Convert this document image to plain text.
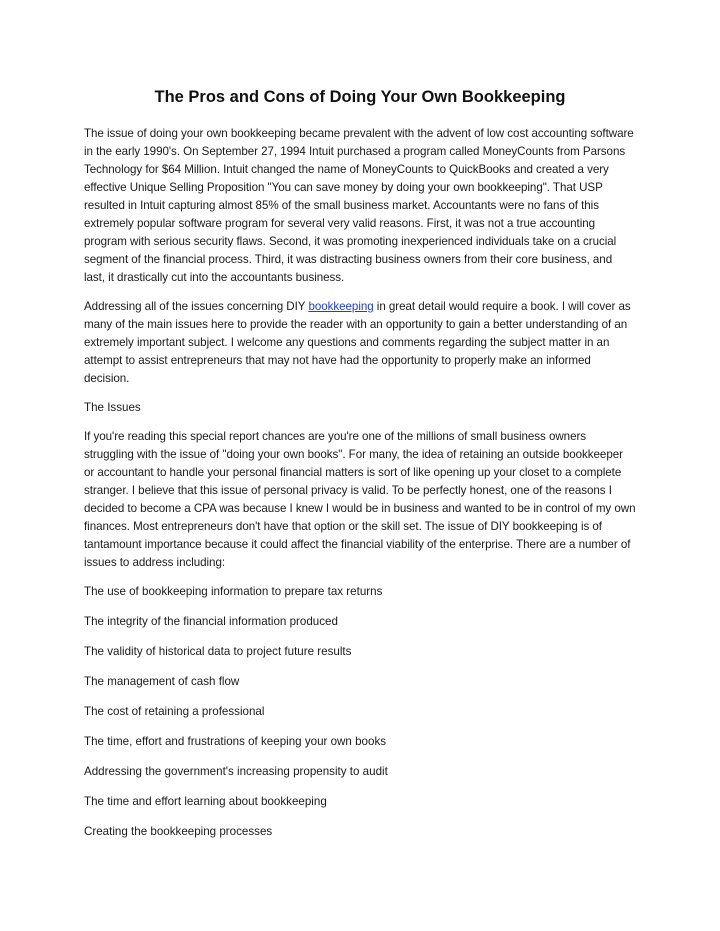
The Pros and Cons of Doing Your Own Bookkeeping

The issue of doing your own bookkeeping became prevalent with the advent of low cost accounting software in the early 1990's. On September 27, 1994 Intuit purchased a program called MoneyCounts from Parsons Technology for $64 Million. Intuit changed the name of MoneyCounts to QuickBooks and created a very effective Unique Selling Proposition "You can save money by doing your own bookkeeping". That USP resulted in Intuit capturing almost 85% of the small business market. Accountants were no fans of this extremely popular software program for several very valid reasons. First, it was not a true accounting program with serious security flaws. Second, it was promoting inexperienced individuals take on a crucial segment of the financial process. Third, it was distracting business owners from their core business, and last, it drastically cut into the accountants business.

Addressing all of the issues concerning DIY bookkeeping in great detail would require a book. I will cover as many of the main issues here to provide the reader with an opportunity to gain a better understanding of an extremely important subject. I welcome any questions and comments regarding the subject matter in an attempt to assist entrepreneurs that may not have had the opportunity to properly make an informed decision.

The Issues

If you're reading this special report chances are you're one of the millions of small business owners struggling with the issue of "doing your own books". For many, the idea of retaining an outside bookkeeper or accountant to handle your personal financial matters is sort of like opening up your closet to a complete stranger. I believe that this issue of personal privacy is valid. To be perfectly honest, one of the reasons I decided to become a CPA was because I knew I would be in business and wanted to be in control of my own finances. Most entrepreneurs don't have that option or the skill set. The issue of DIY bookkeeping is of tantamount importance because it could affect the financial viability of the enterprise. There are a number of issues to address including:

The use of bookkeeping information to prepare tax returns
The integrity of the financial information produced
The validity of historical data to project future results
The management of cash flow
The cost of retaining a professional
The time, effort and frustrations of keeping your own books
Addressing the government's increasing propensity to audit
The time and effort learning about bookkeeping
Creating the bookkeeping processes
